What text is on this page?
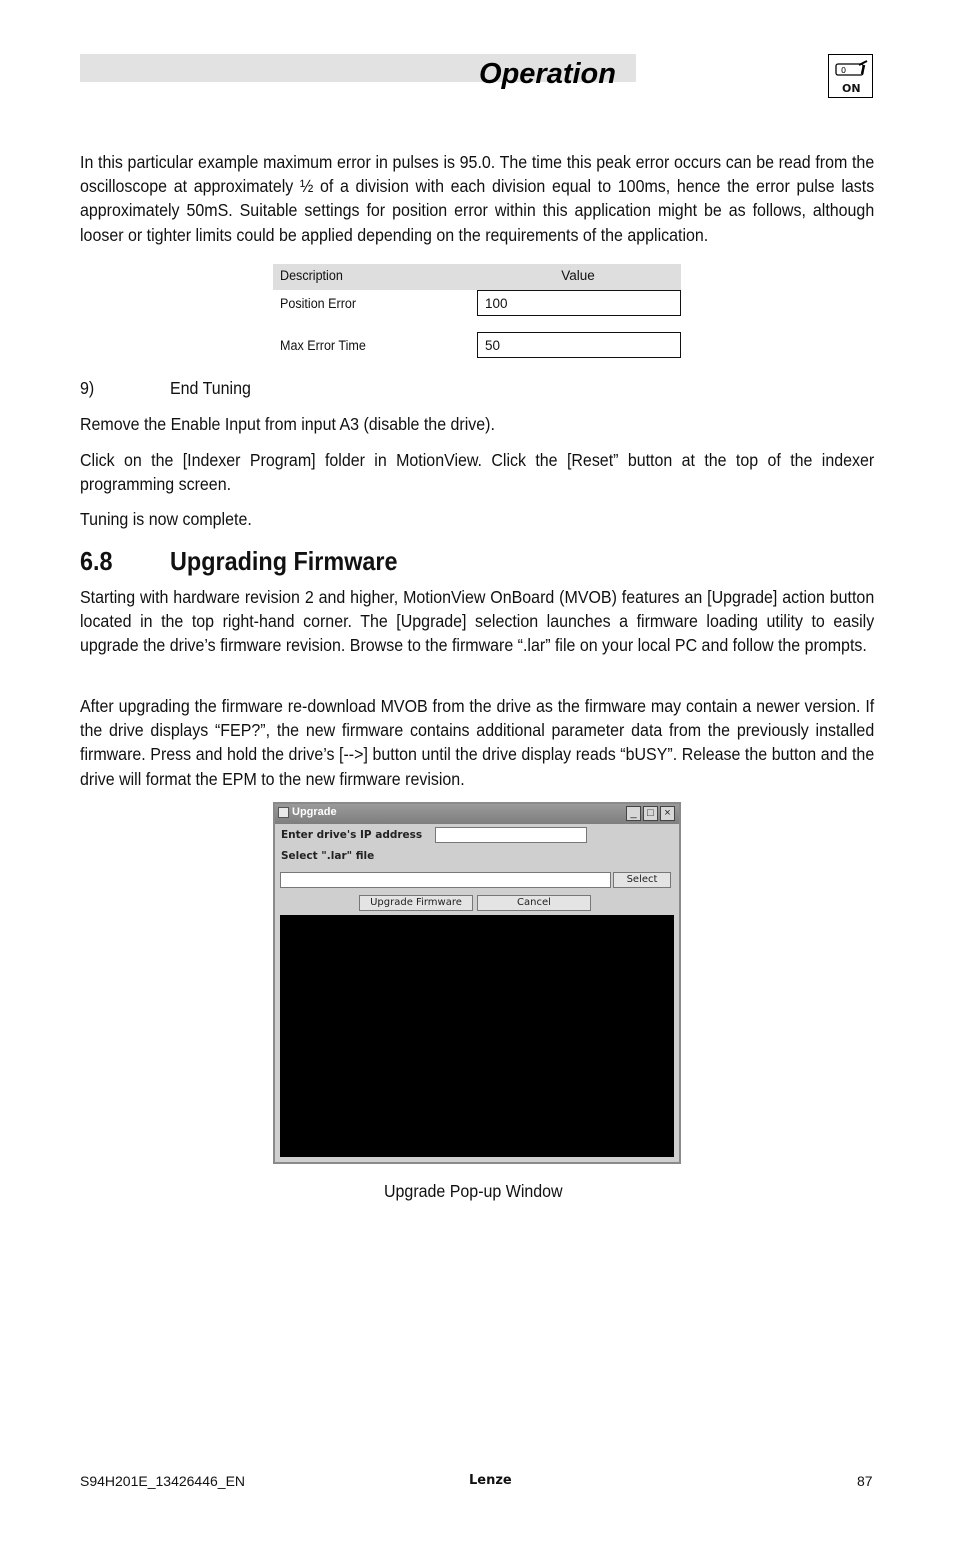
Operation	0
ON
In this particular example maximum error in pulses is 95.0. The time this peak error occurs can be read from the oscilloscope at approximately ½ of a division with each division equal to 100ms, hence the error pulse lasts approximately 50mS. Suitable settings for position error within this application might be as follows, although looser or tighter limits could be applied depending on the requirements of the application.
Description	Value
Position Error	100
Max Error Time	50
9)	End Tuning
Remove the Enable Input from input A3 (disable the drive).
Click on the [Indexer Program] folder in MotionView. Click the [Reset” button at the top of the indexer programming screen.
Tuning is now complete.
6.8 Upgrading Firmware
Starting with hardware revision 2 and higher, MotionView OnBoard (MVOB) features an [Upgrade] action button located in the top right-hand corner. The [Upgrade] selection launches a firmware loading utility to easily upgrade the drive’s firmware revision. Browse to the firmware “.lar” file on your local PC and follow the prompts.
After upgrading the firmware re-download MVOB from the drive as the firmware may contain a newer version. If the drive displays “FEP?”, the new firmware contains additional parameter data from the previously installed firmware. Press and hold the drive’s [-->] button until the drive display reads “bUSY”. Release the button and the drive will format the EPM to the new firmware revision.
Upgrade	_ □ ×
Enter drive's IP address
Select ".lar" file
Select
Upgrade Firmware	Cancel
Upgrade Pop-up Window
S94H201E_13426446_EN	Lenze	87
